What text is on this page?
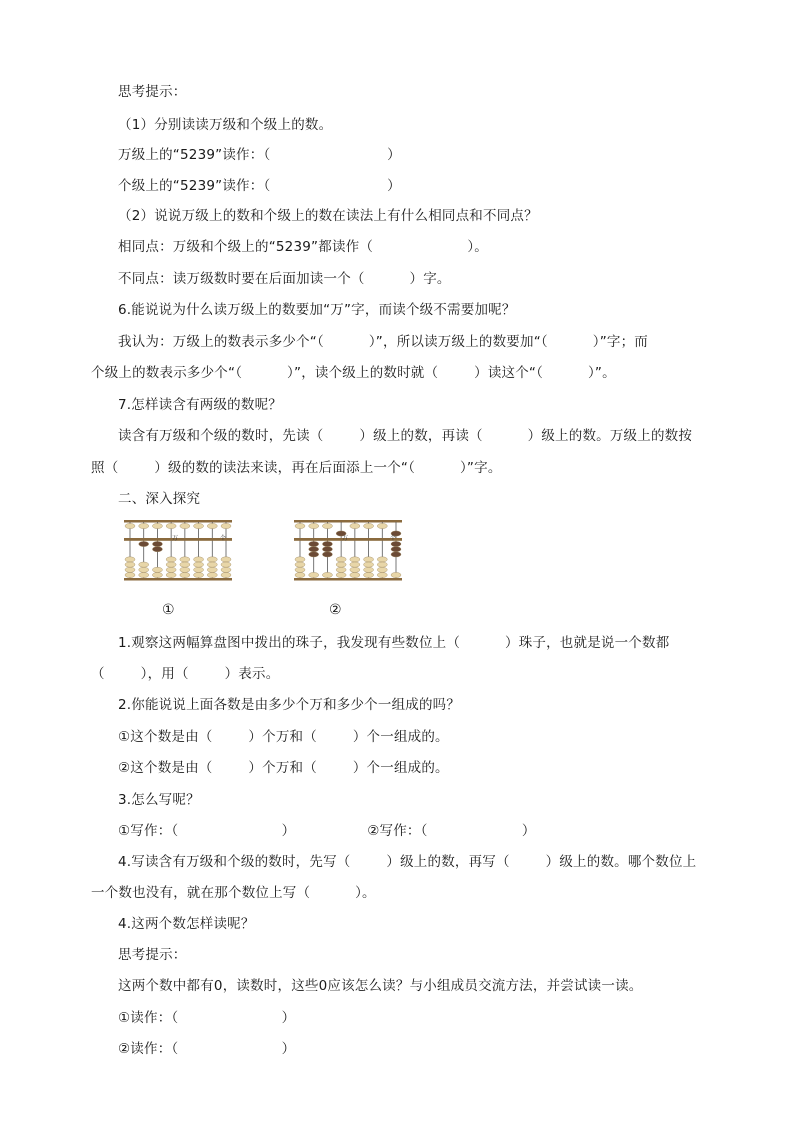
思考提示：
（1）分别读读万级和个级上的数。
万级上的“5239”读作：（                          ）
个级上的“5239”读作：（                          ）
（2）说说万级上的数和个级上的数在读法上有什么相同点和不同点？
相同点：万级和个级上的“5239”都读作（                     ）。
不同点：读万级数时要在后面加读一个（          ）字。
6.能说说为什么读万级上的数要加“万”字，而读个级不需要加呢？
我认为：万级上的数表示多少个“（          ）”，所以读万级上的数要加“（          ）”字；而
个级上的数表示多少个“（          ）”，读个级上的数时就（        ）读这个“（          ）”。
7.怎样读含有两级的数呢？
读含有万级和个级的数时，先读（        ）级上的数，再读（          ）级上的数。万级上的数按
照（        ）级的数的读法来读，再在后面添上一个“（          ）”字。
二、深入探究
万	个	万	个
①	②
1.观察这两幅算盘图中拨出的珠子，我发现有些数位上（          ）珠子，也就是说一个数都
（        ），用（        ）表示。
2.你能说说上面各数是由多少个万和多少个一组成的吗？
①这个数是由（        ）个万和（        ）个一组成的。
②这个数是由（        ）个万和（        ）个一组成的。
3.怎么写呢？
①写作：（                       ）                ②写作：（                     ）
4.写读含有万级和个级的数时，先写（        ）级上的数，再写（        ）级上的数。哪个数位上
一个数也没有，就在那个数位上写（          ）。
4.这两个数怎样读呢？
思考提示：
这两个数中都有0，读数时，这些0应该怎么读？与小组成员交流方法，并尝试读一读。
①读作：（                       ）
②读作：（                       ）
